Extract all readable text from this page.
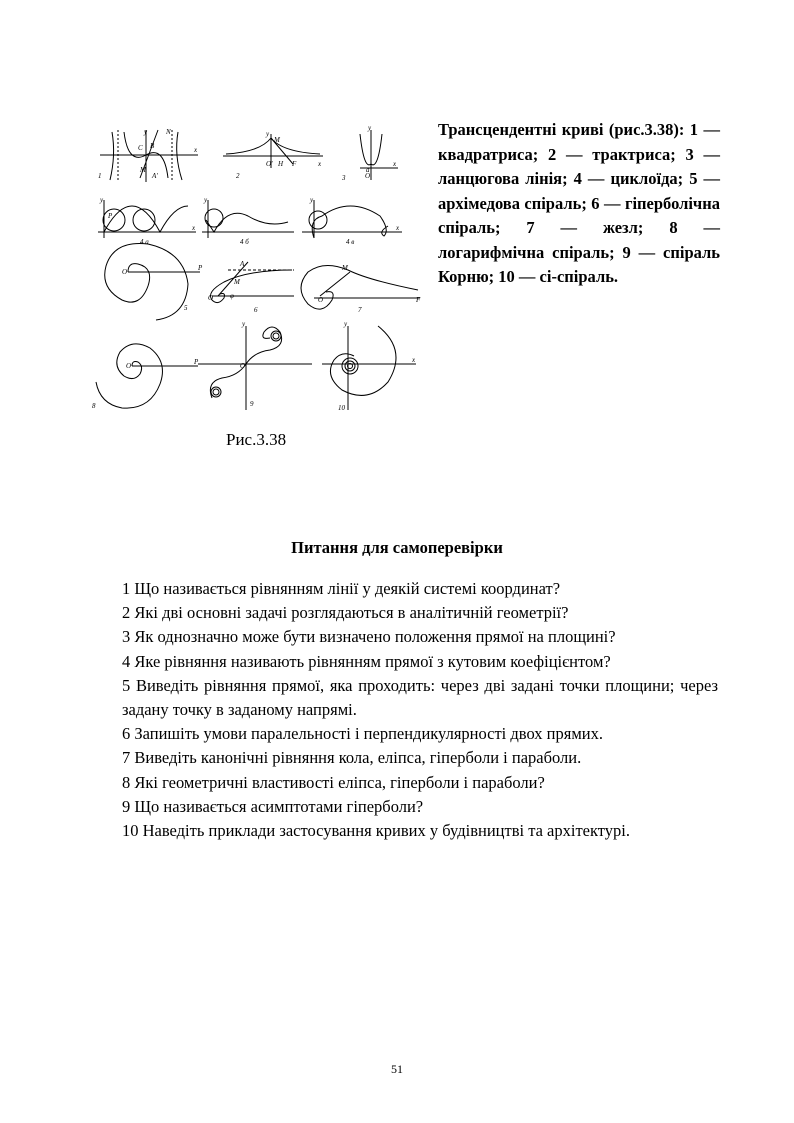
y
x
N
C B
M
A'
1
y
M
x
O' H F
2
y
x
O
a
3
y
x
P
4 a
y
4 б
y
x
4 в
O	P
5
A
M
φ
O
6
M
O	F
7
O	P
8
y
O
9
y
x
10
Трансцендентні криві (рис.3.38): 1 — квадратриса; 2 — трактриса; 3 — ланцюгова лінія; 4 — циклоїда; 5 — архімедова спіраль; 6 — гіперболічна спіраль; 7 — жезл; 8 — логарифмічна спіраль; 9 — спіраль Корню; 10 — сі-спіраль.
Рис.3.38
Питання для самоперевірки

1 Що називається рівнянням лінії у деякій системі координат?

2 Які дві основні задачі розглядаються в аналітичній геометрії?

3 Як однозначно може бути визначено положення прямої на площині?

4 Яке рівняння називають рівнянням прямої з кутовим коефіцієнтом?

5 Виведіть рівняння прямої, яка проходить: через дві задані точки площини; через задану точку в заданому напрямі.

6 Запишіть умови паралельності і перпендикулярності двох прямих.

7 Виведіть канонічні рівняння кола, еліпса, гіперболи і параболи.

8 Які геометричні властивості еліпса, гіперболи і параболи?

9 Що називається асимптотами гіперболи?

10 Наведіть приклади застосування кривих у будівництві та архітектурі.

51
